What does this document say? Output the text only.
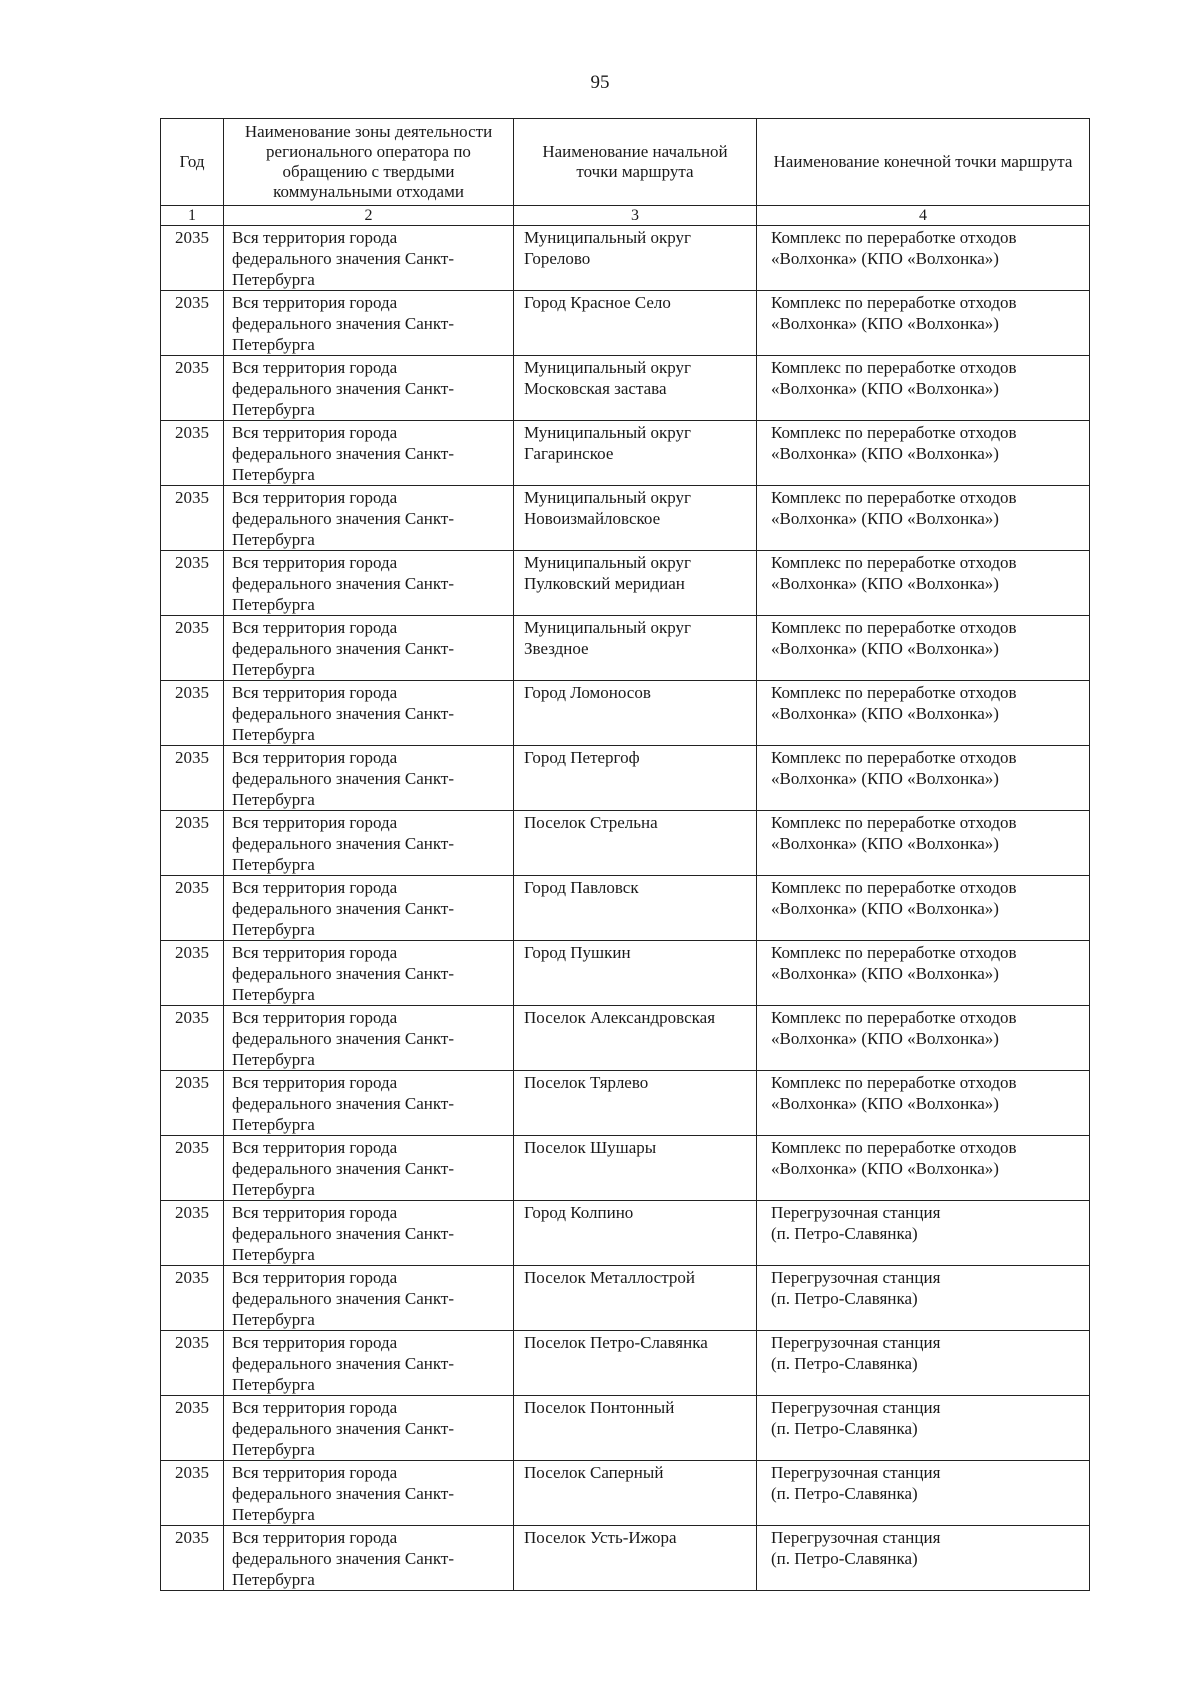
95
Год	Наименование зоны деятельности регионального оператора по обращению с твердыми коммунальными отходами	Наименование начальной точки маршрута	Наименование конечной точки маршрута
1	2	3	4
2035	Вся территория города
федерального значения Санкт-
Петербурга	Муниципальный округ
Горелово	Комплекс по переработке отходов
«Волхонка» (КПО «Волхонка»)

2035	Вся территория города
федерального значения Санкт-
Петербурга	Город Красное Село	Комплекс по переработке отходов
«Волхонка» (КПО «Волхонка»)

2035	Вся территория города
федерального значения Санкт-
Петербурга	Муниципальный округ
Московская застава	Комплекс по переработке отходов
«Волхонка» (КПО «Волхонка»)

2035	Вся территория города
федерального значения Санкт-
Петербурга	Муниципальный округ
Гагаринское	Комплекс по переработке отходов
«Волхонка» (КПО «Волхонка»)

2035	Вся территория города
федерального значения Санкт-
Петербурга	Муниципальный округ
Новоизмайловское	Комплекс по переработке отходов
«Волхонка» (КПО «Волхонка»)

2035	Вся территория города
федерального значения Санкт-
Петербурга	Муниципальный округ
Пулковский меридиан	Комплекс по переработке отходов
«Волхонка» (КПО «Волхонка»)

2035	Вся территория города
федерального значения Санкт-
Петербурга	Муниципальный округ
Звездное	Комплекс по переработке отходов
«Волхонка» (КПО «Волхонка»)

2035	Вся территория города
федерального значения Санкт-
Петербурга	Город Ломоносов	Комплекс по переработке отходов
«Волхонка» (КПО «Волхонка»)

2035	Вся территория города
федерального значения Санкт-
Петербурга	Город Петергоф	Комплекс по переработке отходов
«Волхонка» (КПО «Волхонка»)

2035	Вся территория города
федерального значения Санкт-
Петербурга	Поселок Стрельна	Комплекс по переработке отходов
«Волхонка» (КПО «Волхонка»)

2035	Вся территория города
федерального значения Санкт-
Петербурга	Город Павловск	Комплекс по переработке отходов
«Волхонка» (КПО «Волхонка»)

2035	Вся территория города
федерального значения Санкт-
Петербурга	Город Пушкин	Комплекс по переработке отходов
«Волхонка» (КПО «Волхонка»)

2035	Вся территория города
федерального значения Санкт-
Петербурга	Поселок Александровская	Комплекс по переработке отходов
«Волхонка» (КПО «Волхонка»)

2035	Вся территория города
федерального значения Санкт-
Петербурга	Поселок Тярлево	Комплекс по переработке отходов
«Волхонка» (КПО «Волхонка»)

2035	Вся территория города
федерального значения Санкт-
Петербурга	Поселок Шушары	Комплекс по переработке отходов
«Волхонка» (КПО «Волхонка»)

2035	Вся территория города
федерального значения Санкт-
Петербурга	Город Колпино	Перегрузочная станция
(п. Петро-Славянка)

2035	Вся территория города
федерального значения Санкт-
Петербурга	Поселок Металлострой	Перегрузочная станция
(п. Петро-Славянка)

2035	Вся территория города
федерального значения Санкт-
Петербурга	Поселок Петро-Славянка	Перегрузочная станция
(п. Петро-Славянка)

2035	Вся территория города
федерального значения Санкт-
Петербурга	Поселок Понтонный	Перегрузочная станция
(п. Петро-Славянка)

2035	Вся территория города
федерального значения Санкт-
Петербурга	Поселок Саперный	Перегрузочная станция
(п. Петро-Славянка)

2035	Вся территория города
федерального значения Санкт-
Петербурга	Поселок Усть-Ижора	Перегрузочная станция
(п. Петро-Славянка)
